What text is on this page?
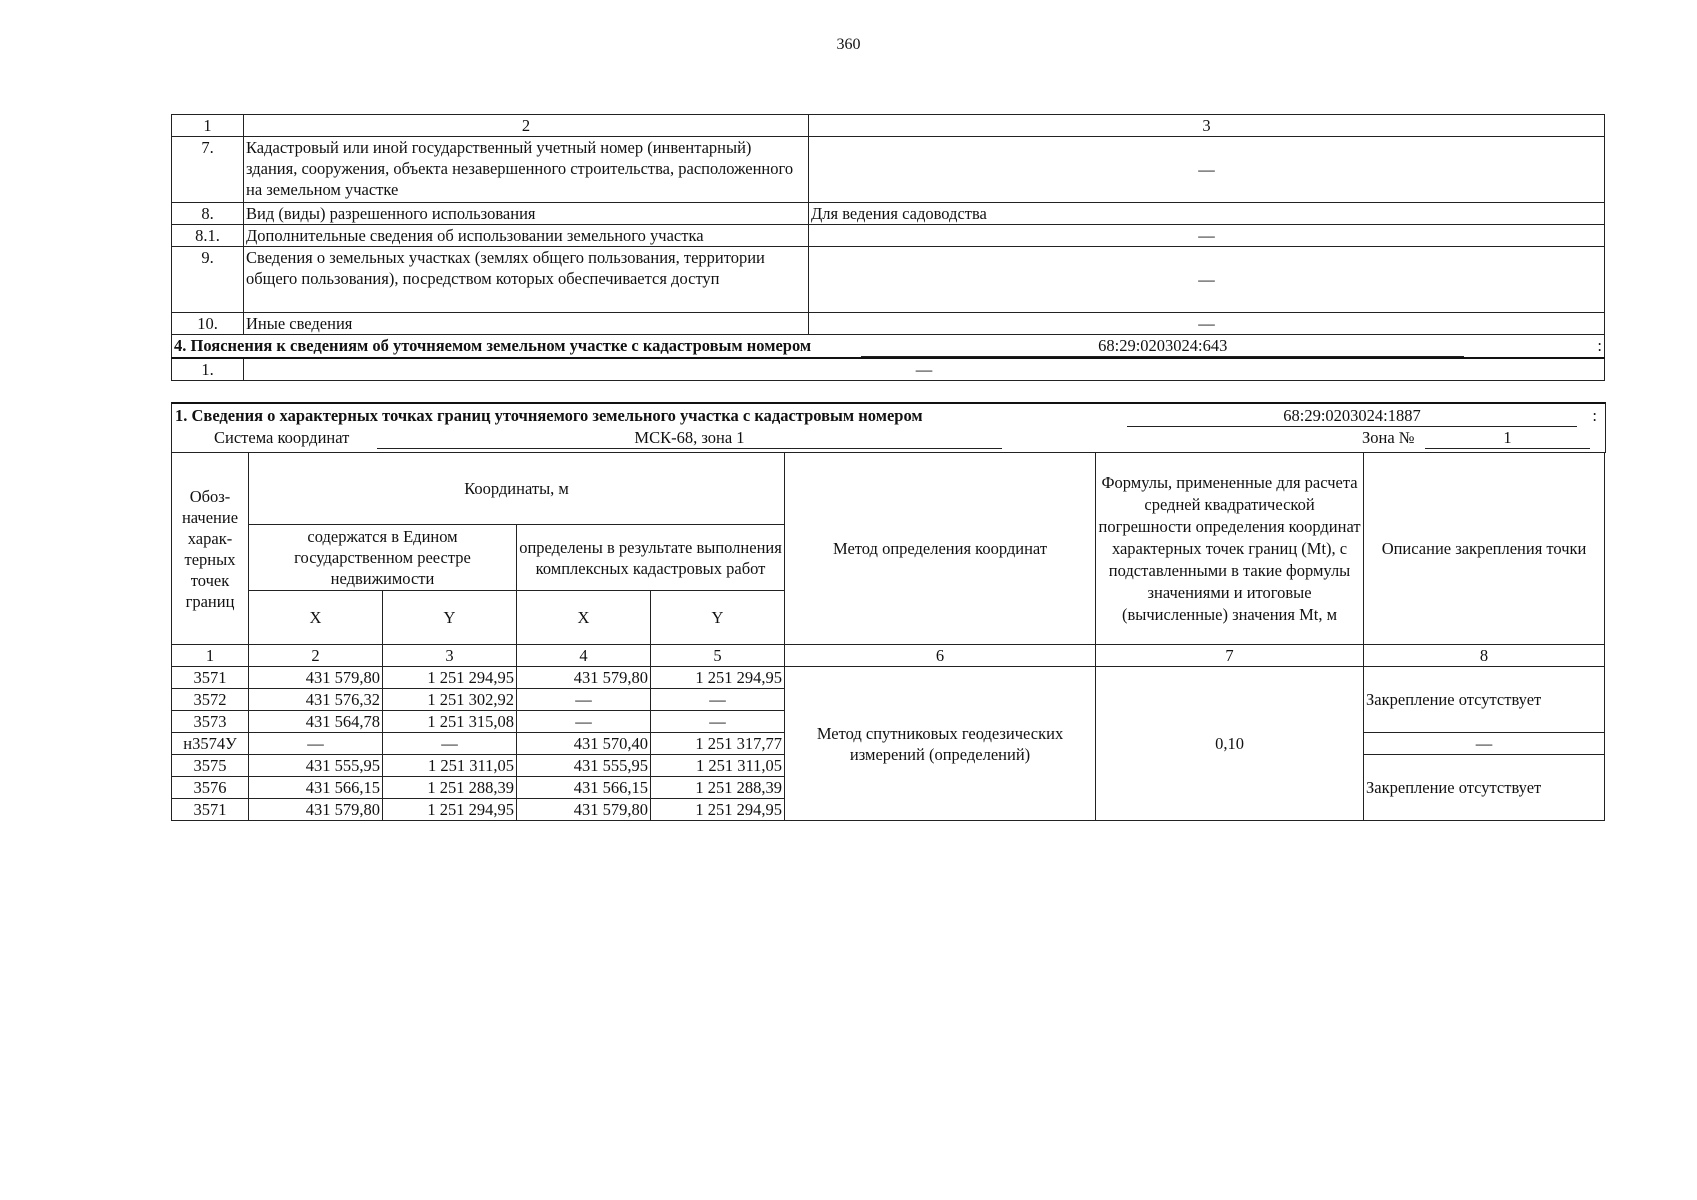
360
1	2	3
7.	Кадастровый или иной государственный учетный номер (инвентарный) здания, сооружения, объекта незавершенного строительства, расположенного на земельном участке	—
8.	Вид (виды) разрешенного использования	Для ведения садоводства
8.1.	Дополнительные сведения об использовании земельного участка	—
9.	Сведения о земельных участках (землях общего пользования, территории общего пользования), посредством которых обеспечивается доступ	—
10.	Иные сведения	—
4. Пояснения к сведениям об уточняемом земельном участке с кадастровым номером 68:29:0203024:643 :		

1.	—	
1. Сведения о характерных точках границ уточняемого земельного участка с кадастровым номером	68:29:0203024:1887	:
Система координат	МСК-68, зона 1	Зона №	1
Обоз-начение харак-терных точек границ	Координаты, м				Метод определения координат	Формулы, примененные для расчета средней квадратической погрешности определения координат характерных точек границ (Mt), с подставленными в такие формулы значениями и итоговые (вычисленные) значения Mt, м	Описание закрепления точки
	содержатся в Едином государственном реестре недвижимости		определены в результате выполнения комплексных кадастровых работ				
	X	Y	X	Y			
1	2	3	4	5	6	7	8
3571	431 579,80	1 251 294,95	431 579,80	1 251 294,95	Метод спутниковых геодезических измерений (определений)	0,10	Закрепление отсутствует
3572	431 576,32	1 251 302,92	—	—			
3573	431 564,78	1 251 315,08	—	—			
н3574У	—	—	431 570,40	1 251 317,77			—
3575	431 555,95	1 251 311,05	431 555,95	1 251 311,05			Закрепление отсутствует
3576	431 566,15	1 251 288,39	431 566,15	1 251 288,39			
3571	431 579,80	1 251 294,95	431 579,80	1 251 294,95			
